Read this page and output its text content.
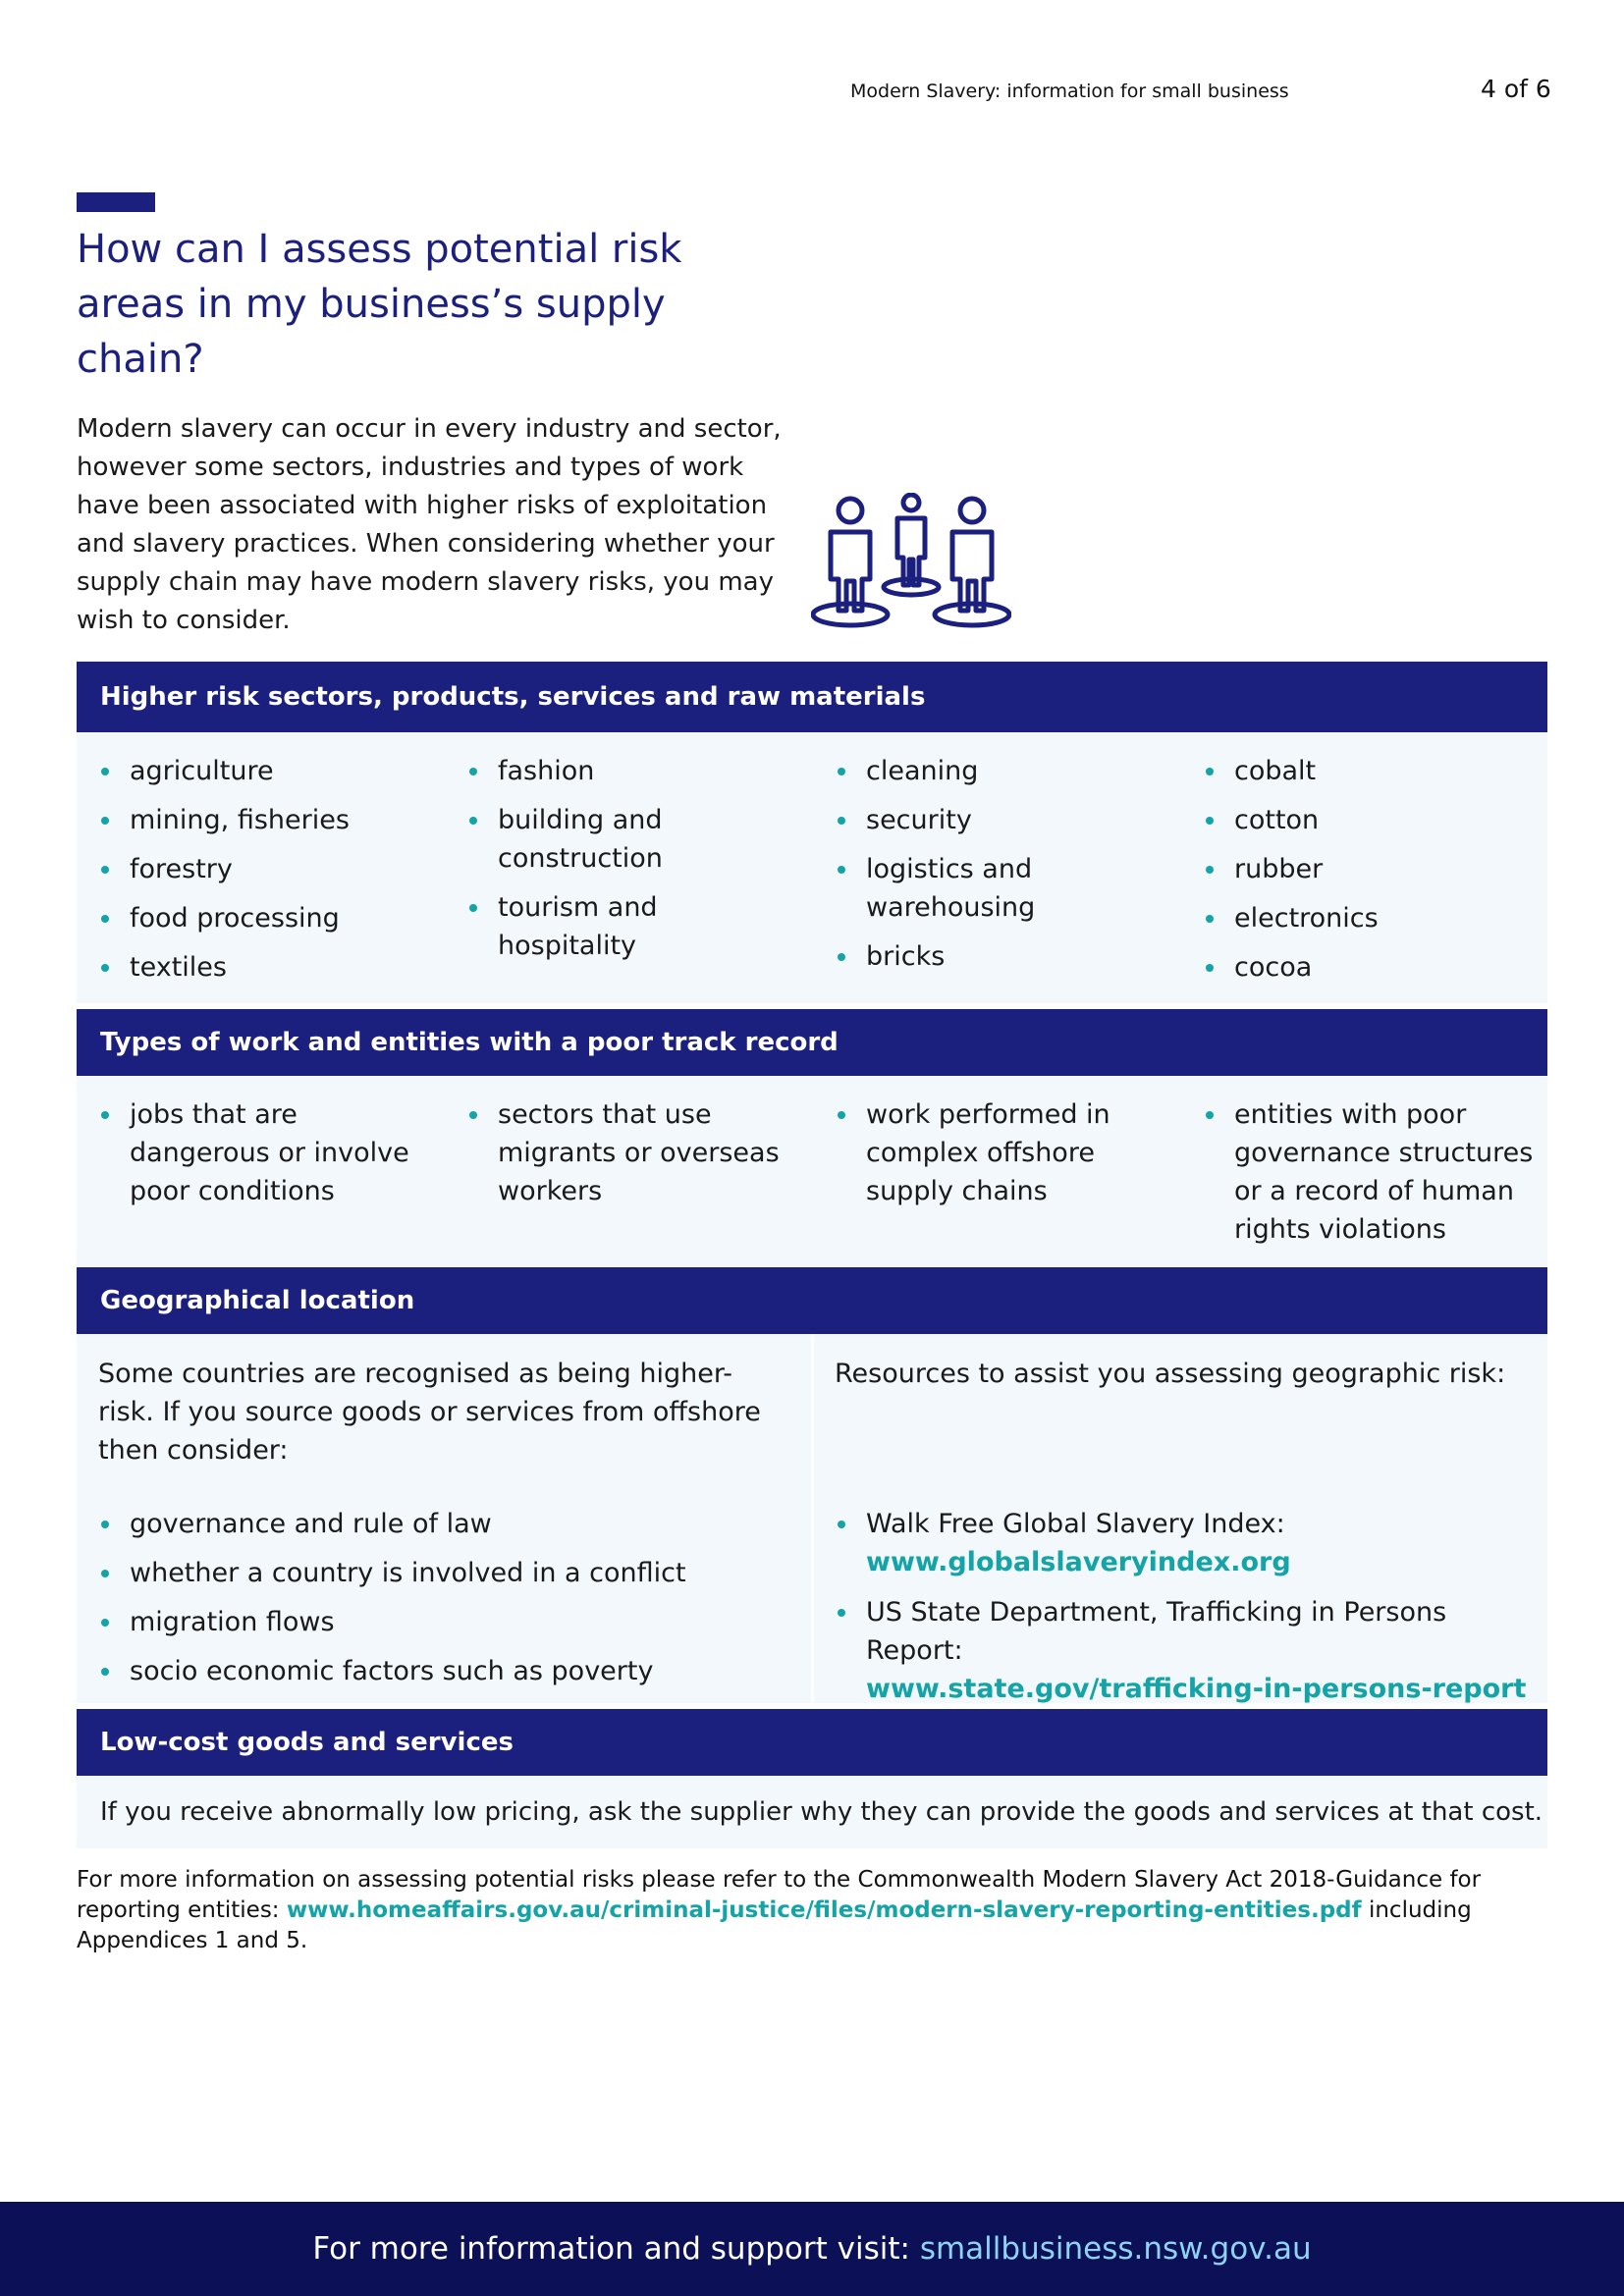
Modern Slavery: information for small business	4 of 6
How can I assess potential risk areas in my business’s supply chain?

Modern slavery can occur in every industry and sector, however some sectors, industries and types of work have been associated with higher risks of exploitation and slavery practices. When considering whether your supply chain may have modern slavery risks, you may wish to consider.

Higher risk sectors, products, services and raw materials
agriculture
mining, fisheries
forestry
food processing
textiles
fashion
building and construction
tourism and hospitality
cleaning
security
logistics and warehousing
bricks
cobalt
cotton
rubber
electronics
cocoa
Types of work and entities with a poor track record
jobs that are dangerous or involve poor conditions
sectors that use migrants or overseas workers
work performed in complex offshore supply chains
entities with poor governance structures or a record of human rights violations
Geographical location

Some countries are recognised as being higher-risk. If you source goods or services from offshore then consider:

governance and rule of law
whether a country is involved in a conflict
migration flows
socio economic factors such as poverty

Resources to assist you assessing geographic risk:

Walk Free Global Slavery Index:
www.globalslaveryindex.org
US State Department, Trafficking in Persons Report:
www.state.gov/trafficking-in-persons-report
Low-cost goods and services
If you receive abnormally low pricing, ask the supplier why they can provide the goods and services at that cost.
For more information on assessing potential risks please refer to the Commonwealth Modern Slavery Act 2018-Guidance for reporting entities: www.homeaffairs.gov.au/criminal-justice/files/modern-slavery-reporting-entities.pdf including Appendices 1 and 5.
For more information and support visit: smallbusiness.nsw.gov.au
